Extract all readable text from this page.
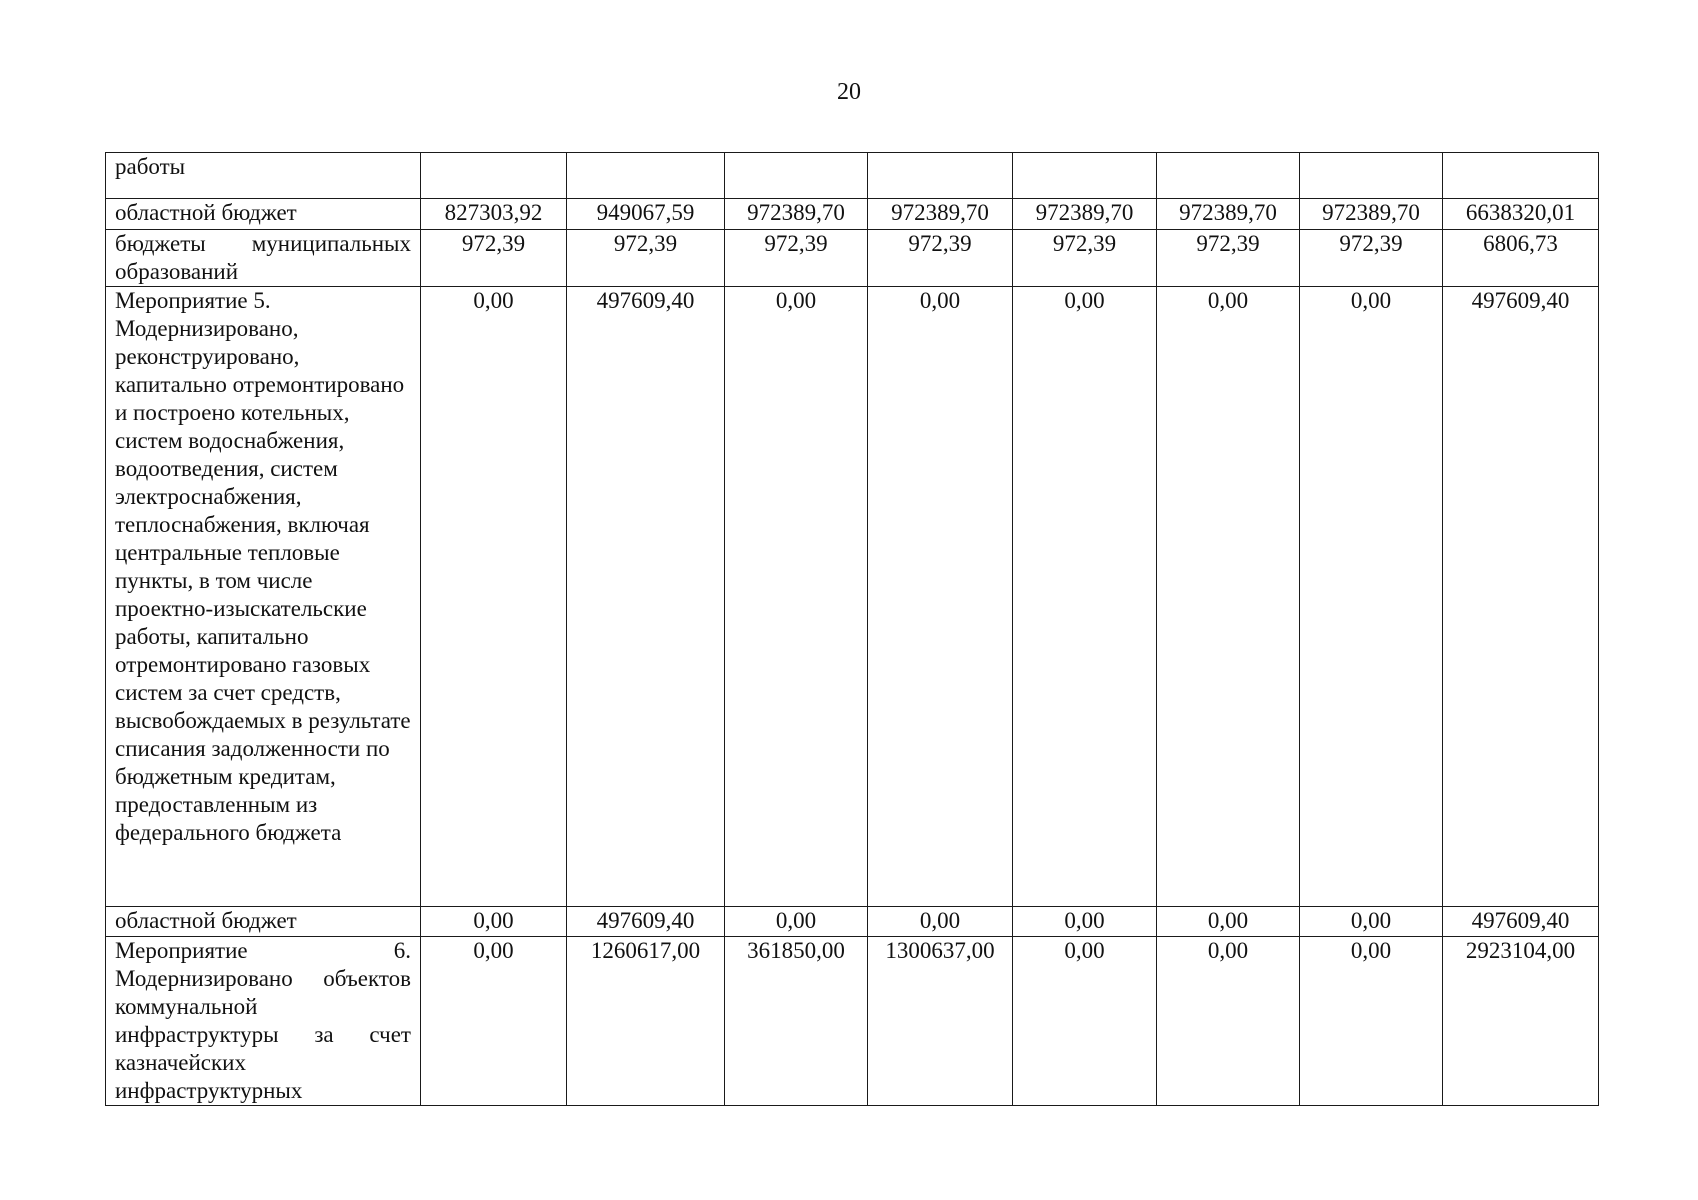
20
работы								
областной бюджет	827303,92	949067,59	972389,70	972389,70	972389,70	972389,70	972389,70	6638320,01
бюджеты муниципальных образований	972,39	972,39	972,39	972,39	972,39	972,39	972,39	6806,73
Мероприятие 5. Модернизировано, реконструировано, капитально отремонтировано и построено котельных, систем водоснабжения, водоотведения, систем электроснабжения, теплоснабжения, включая центральные тепловые пункты, в том числе проектно-изыскательские работы, капитально отремонтировано газовых систем за счет средств, высвобождаемых в результате списания задолженности по бюджетным кредитам, предоставленным из федерального бюджета	0,00	497609,40	0,00	0,00	0,00	0,00	0,00	497609,40
областной бюджет	0,00	497609,40	0,00	0,00	0,00	0,00	0,00	497609,40
Мероприятие 6. Модернизировано объектов коммунальной инфраструктуры за счет казначейских инфраструктурных	0,00	1260617,00	361850,00	1300637,00	0,00	0,00	0,00	2923104,00
